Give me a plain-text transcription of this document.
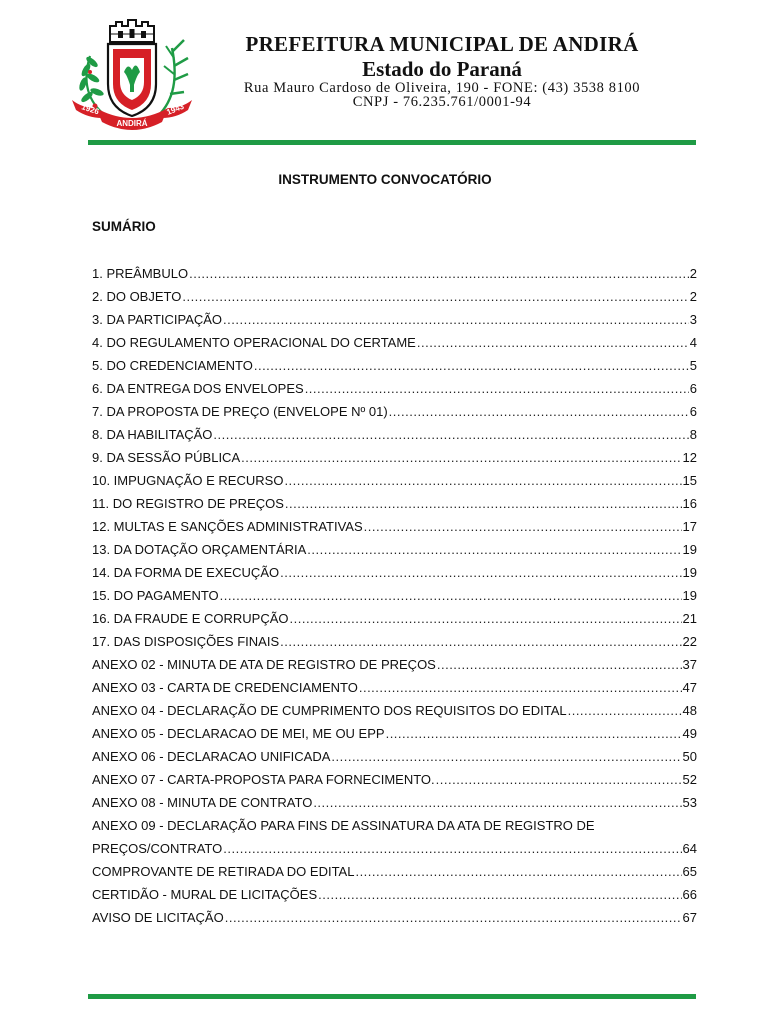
1926	1943
ANDIRÁ
PREFEITURA MUNICIPAL DE ANDIRÁ
Estado do Paraná
Rua Mauro Cardoso de Oliveira, 190 - FONE: (43) 3538 8100
CNPJ - 76.235.761/0001-94
INSTRUMENTO CONVOCATÓRIO
SUMÁRIO
1. PREÂMBULO .....	2
2. DO OBJETO .....	2
3. DA PARTICIPAÇÃO .....	3
4. DO REGULAMENTO OPERACIONAL DO CERTAME .....	4
5. DO CREDENCIAMENTO .....	5
6. DA ENTREGA DOS ENVELOPES .....	6
7. DA PROPOSTA DE PREÇO (ENVELOPE Nº 01) .....	6
8. DA HABILITAÇÃO .....	8
9. DA SESSÃO PÚBLICA .....	12
10. IMPUGNAÇÃO E RECURSO .....	15
11. DO REGISTRO DE PREÇOS .....	16
12. MULTAS E SANÇÕES ADMINISTRATIVAS .....	17
13. DA DOTAÇÃO ORÇAMENTÁRIA .....	19
14. DA FORMA DE EXECUÇÃO .....	19
15. DO PAGAMENTO .....	19
16. DA FRAUDE E CORRUPÇÃO .....	21
17. DAS DISPOSIÇÕES FINAIS .....	22
ANEXO 02 - MINUTA DE ATA DE REGISTRO DE PREÇOS .....	37
ANEXO 03 - CARTA DE CREDENCIAMENTO .....	47
ANEXO 04 - DECLARAÇÃO DE CUMPRIMENTO DOS REQUISITOS DO EDITAL .....	48
ANEXO 05 - DECLARACAO DE MEI, ME OU EPP .....	49
ANEXO 06 - DECLARACAO UNIFICADA .....	50
ANEXO 07 - CARTA-PROPOSTA PARA FORNECIMENTO. .....	52
ANEXO 08 - MINUTA DE CONTRATO .....	53
ANEXO 09 - DECLARAÇÃO PARA FINS DE ASSINATURA DA ATA DE REGISTRO DE
PREÇOS/CONTRATO .....	64
COMPROVANTE DE RETIRADA DO EDITAL .....	65
CERTIDÃO - MURAL DE LICITAÇÕES .....	66
AVISO DE LICITAÇÃO .....	67
